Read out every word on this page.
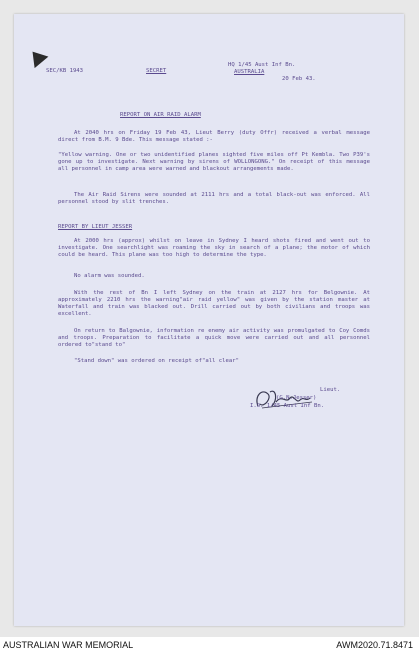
SEC/KB 1943	SECRET
HQ 1/45 Aust Inf Bn.
AUSTRALIA
20 Feb 43.
REPORT ON AIR RAID ALARM
At 2040 hrs on Friday 19 Feb 43, Lieut Berry (duty Offr) received a verbal message direct from B.M. 9 Bde. This message stated :-
"Yellow warning. One or two unidentified planes sighted five miles off Pt Kembla. Two P39's gone up to investigate. Next warning by sirens of WOLLONGONG." On receipt of this message all personnel in camp area were warned and blackout arrangements made.
The Air Raid Sirens were sounded at 2111 hrs and a total black-out was enforced. All personnel stood by slit trenches.
REPORT BY LIEUT JESSER
At 2000 hrs (approx) whilst on leave in Sydney I heard shots fired and went out to investigate. One searchlight was roaming the sky in search of a plane; the motor of which could be heard. This plane was too high to determine the type.
No alarm was sounded.
With the rest of Bn I left Sydney on the train at 2127 hrs for Belgownie. At approximately 2210 hrs the warning"air raid yellow" was given by the station master at Waterfall and train was blacked out. Drill carried out by both civilians and troops was excellent.
On return to Balgownie, information re enemy air activity was promulgated to Coy Comds and troops. Preparation to facilitate a quick move were carried out and all personnel ordered to"stand to"
"Stand down" was ordered on receipt of"all clear"
Lieut.
(G.N.Jesser)
I.O. 1/45 Aust Inf Bn.
AUSTRALIAN WAR MEMORIAL	AWM2020.71.8471
